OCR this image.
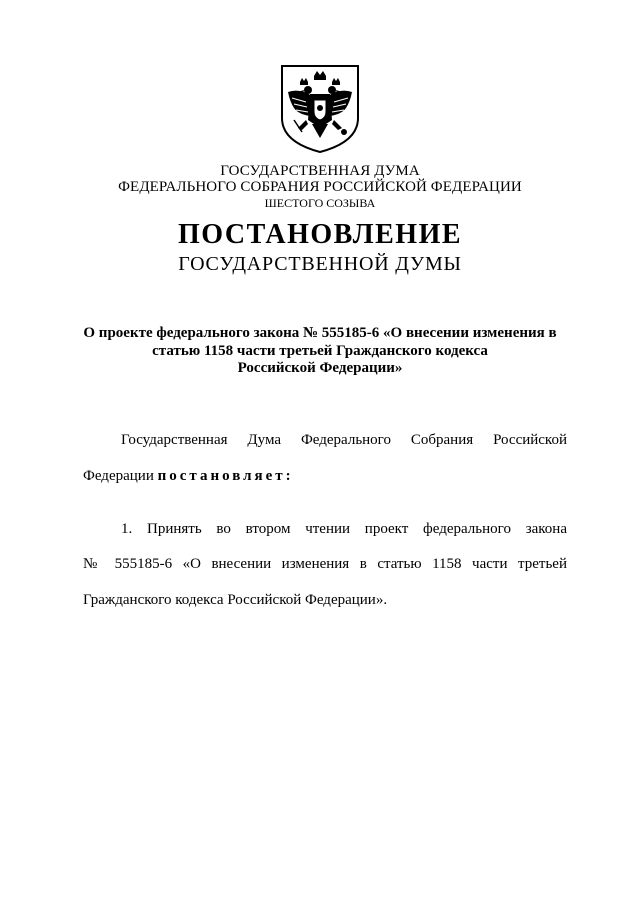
ГОСУДАРСТВЕННАЯ ДУМА
ФЕДЕРАЛЬНОГО СОБРАНИЯ РОССИЙСКОЙ ФЕДЕРАЦИИ
ШЕСТОГО СОЗЫВА
ПОСТАНОВЛЕНИЕ
ГОСУДАРСТВЕННОЙ ДУМЫ
О проекте федерального закона № 555185-6 «О внесении изменения в
статью 1158 части третьей Гражданского кодекса
Российской Федерации»
Государственная Дума Федерального Собрания Российской
Федерации постановляет:
1. Принять во втором чтении проект федерального закона
№ 555185-6 «О внесении изменения в статью 1158 части третьей
Гражданского кодекса Российской Федерации».
